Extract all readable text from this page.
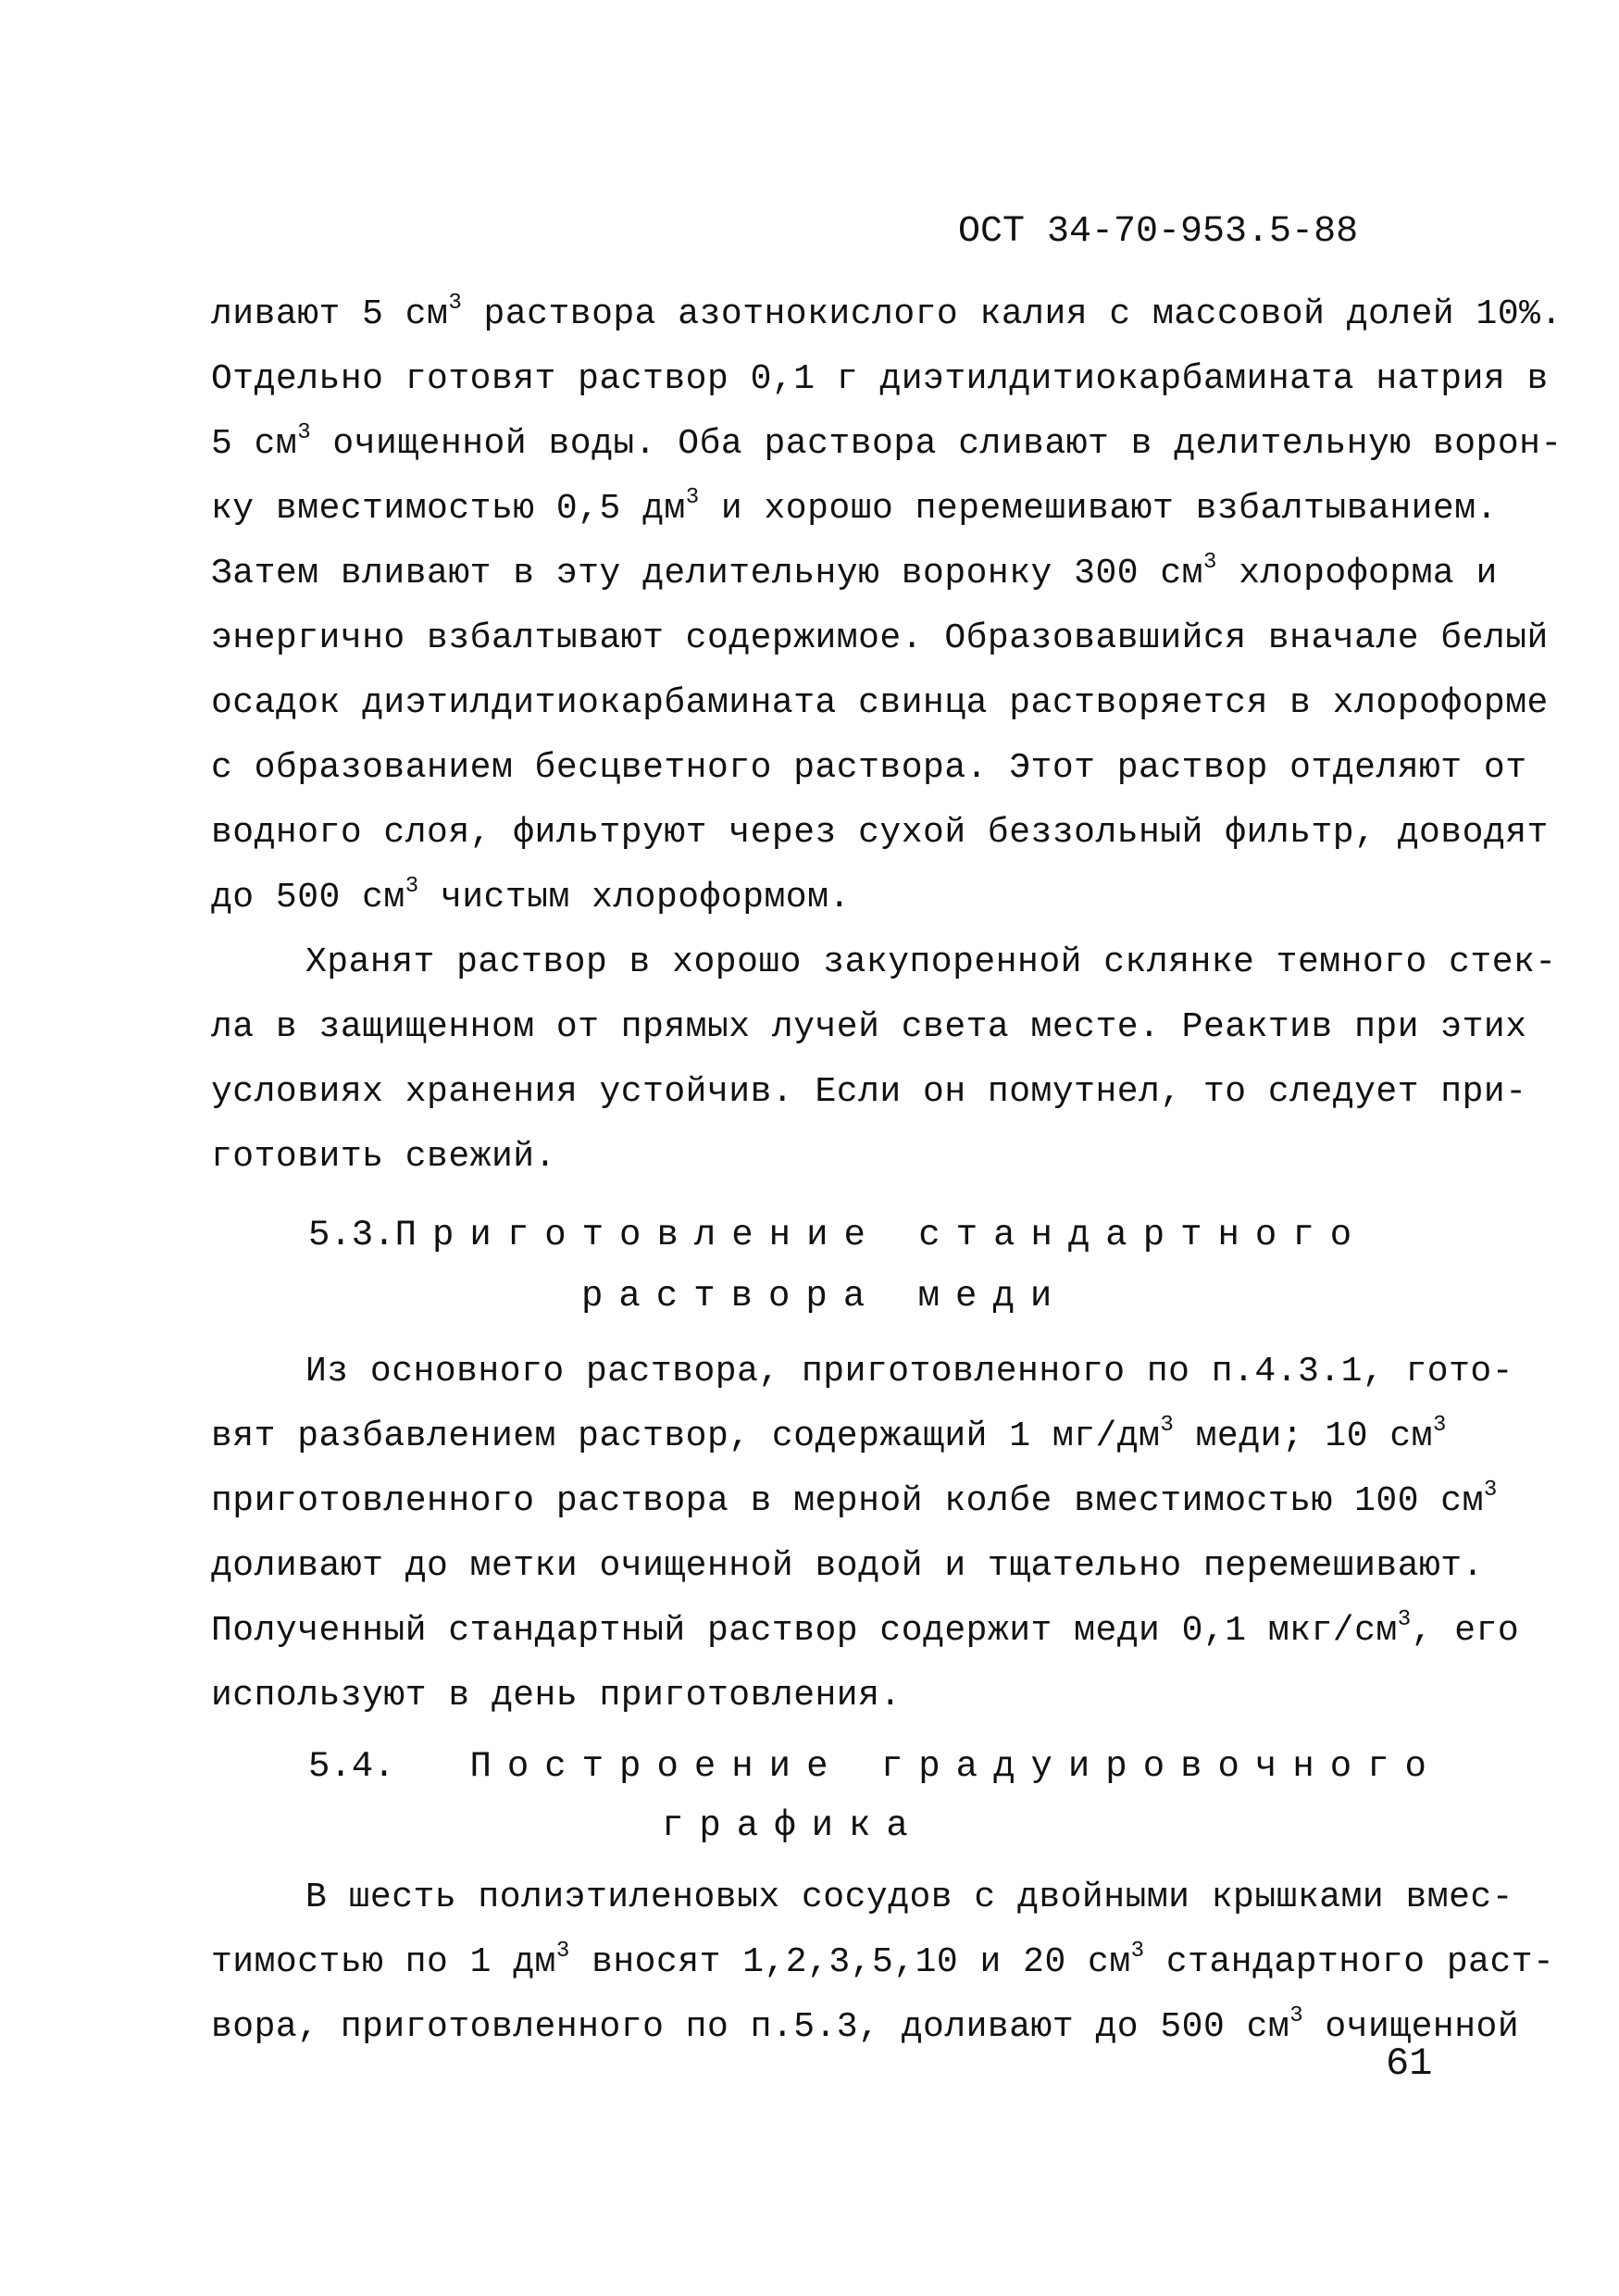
ОСТ 34-70-953.5-88
ливают 5 $см^3$ раствора азотнокислого калия с массовой долей 10%.
Отдельно готовят раствор 0,1 г диэтилдитиокарбамината натрия в
5 $см^3$ очищенной воды. Оба раствора сливают в делительную ворон-
ку вместимостью 0,5 $дм^3$ и хорошо перемешивают взбалтыванием.
Затем вливают в эту делительную воронку 300 $см^3$ хлороформа и
энергично взбалтывают содержимое. Образовавшийся вначале белый
осадок диэтилдитиокарбамината свинца растворяется в хлороформе
с образованием бесцветного раствора. Этот раствор отделяют от
водного слоя, фильтруют через сухой беззольный фильтр, доводят
до 500 $см^3$ чистым хлороформом.
Хранят раствор в хорошо закупоренной склянке темного стек-
ла в защищенном от прямых лучей света месте. Реактив при этих
условиях хранения устойчив. Если он помутнел, то следует при-
готовить свежий.
5.3.Приготовление стандартного
раствора меди
Из основного раствора, приготовленного по п.4.3.1, гото-
вят разбавлением раствор, содержащий 1 $мг/дм^3$ меди; 10 $см^3$
приготовленного раствора в мерной колбе вместимостью 100 $см^3$
доливают до метки очищенной водой и тщательно перемешивают.
Полученный стандартный раствор содержит меди 0,1 мкг/$см^3$, его
используют в день приготовления.
5.4. Построение градуировочного
графика
В шесть полиэтиленовых сосудов с двойными крышками вмес-
тимостью по 1 $дм^3$ вносят 1,2,3,5,10 и 20 $см^3$ стандартного раст-
вора, приготовленного по п.5.3, доливают до 500 $см^3$ очищенной
61
